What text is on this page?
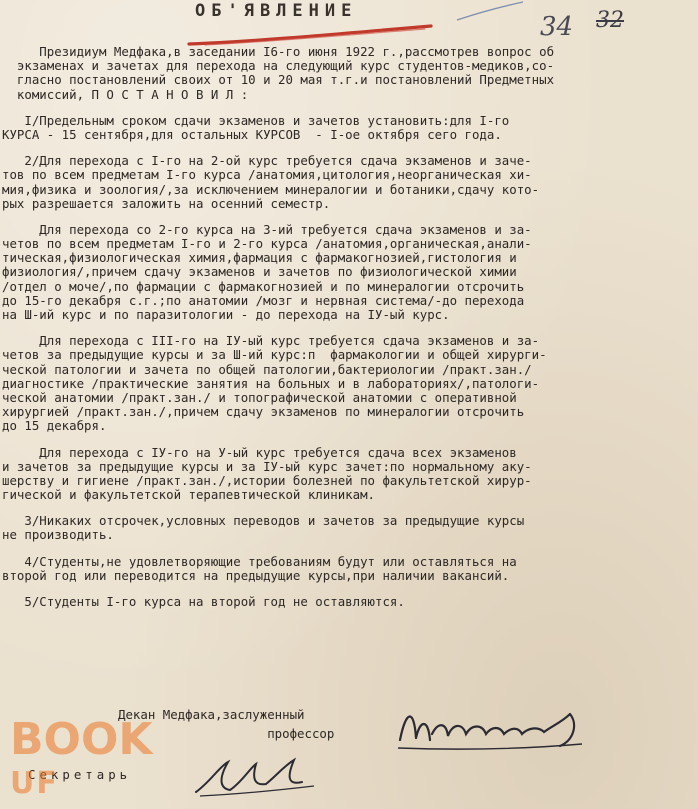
ОБ'ЯВЛЕНИЕ
34 32
Президиум Медфака,в заседании I6-го июня 1922 г.,рассмотрев вопрос об
экзаменах и зачетах для перехода на следующий курс студентов-медиков,со-
гласно постановлений своих от 10 и 20 мая т.г.и постановлений Предметных
комиссий, П О С Т А Н О В И Л :
I/Предельным сроком сдачи экзаменов и зачетов установить:для I-го
КУРСА - 15 сентября,для остальных КУРСОВ  - I-ое октября сего года.
2/Для перехода с I-го на 2-ой курс требуется сдача экзаменов и заче-
тов по всем предметам I-го курса /анатомия,цитология,неорганическая хи-
мия,физика и зоология/,за исключением минералогии и ботаники,сдачу кото-
рых разрешается заложить на осенний семестр.
Для перехода со 2-го курса на 3-ий требуется сдача экзаменов и за-
четов по всем предметам I-го и 2-го курса /анатомия,органическая,анали-
тическая,физиологическая химия,фармация с фармакогнозией,гистология и
физиология/,причем сдачу экзаменов и зачетов по физиологической химии
/отдел о моче/,по фармации с фармакогнозией и по минералогии отсрочить
до 15-го декабря с.г.;по анатомии /мозг и нервная система/-до перехода
на Ш-ий курс и по паразитологии - до перехода на IУ-ый курс.
Для перехода с III-го на IУ-ый курс требуется сдача экзаменов и за-
четов за предыдущие курсы и за Ш-ий курс:п  фармакологии и общей хирурги-
ческой патологии и зачета по общей патологии,бактериологии /практ.зан./
диагностике /практические занятия на больных и в лабораториях/,патологи-
ческой анатомии /практ.зан./ и топографической анатомии с оперативной
хирургией /практ.зан./,причем сдачу экзаменов по минералогии отсрочить
до 15 декабря.
Для перехода с IУ-го на У-ый курс требуется сдача всех экзаменов
и зачетов за предыдущие курсы и за IУ-ый курс зачет:по нормальному аку-
шерству и гигиене /практ.зан./,истории болезней по факультетской хирур-
гической и факультетской терапевтической клиникам.
3/Никаких отсрочек,условных переводов и зачетов за предыдущие курсы
не производить.
4/Студенты,не удовлетворяющие требованиям будут или оставляться на
второй год или переводится на предыдущие курсы,при наличии вакансий.
5/Студенты I-го курса на второй год не оставляются.
Декан Медфака,заслуженный
профессор
Секретарь
BOOK
UF
